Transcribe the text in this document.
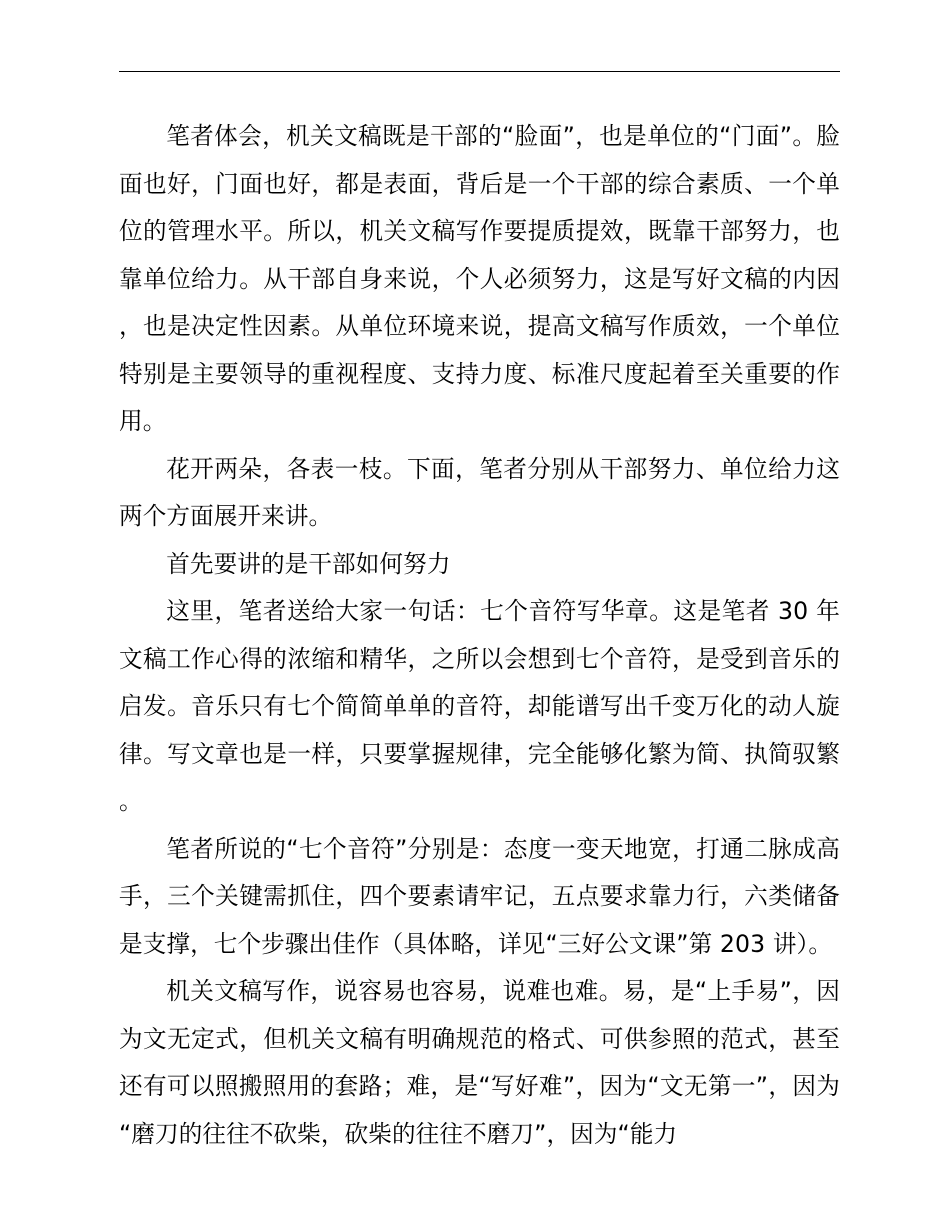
笔者体会，机关文稿既是干部的“脸面”，也是单位的“门面”。脸面也好，门面也好，都是表面，背后是一个干部的综合素质、一个单位的管理水平。所以，机关文稿写作要提质提效，既靠干部努力，也靠单位给力。从干部自身来说，个人必须努力，这是写好文稿的内因，也是决定性因素。从单位环境来说，提高文稿写作质效，一个单位特别是主要领导的重视程度、支持力度、标准尺度起着至关重要的作用。

花开两朵，各表一枝。下面，笔者分别从干部努力、单位给力这两个方面展开来讲。

首先要讲的是干部如何努力

这里，笔者送给大家一句话：七个音符写华章。这是笔者 30 年文稿工作心得的浓缩和精华，之所以会想到七个音符，是受到音乐的启发。音乐只有七个简简单单的音符，却能谱写出千变万化的动人旋律。写文章也是一样，只要掌握规律，完全能够化繁为简、执简驭繁。

笔者所说的“七个音符”分别是：态度一变天地宽，打通二脉成高手，三个关键需抓住，四个要素请牢记，五点要求靠力行，六类储备是支撑，七个步骤出佳作（具体略，详见“三好公文课”第 203 讲）。

机关文稿写作，说容易也容易，说难也难。易，是“上手易”，因为文无定式，但机关文稿有明确规范的格式、可供参照的范式，甚至还有可以照搬照用的套路；难，是“写好难”，因为“文无第一”，因为“磨刀的往往不砍柴，砍柴的往往不磨刀”，因为“能力
